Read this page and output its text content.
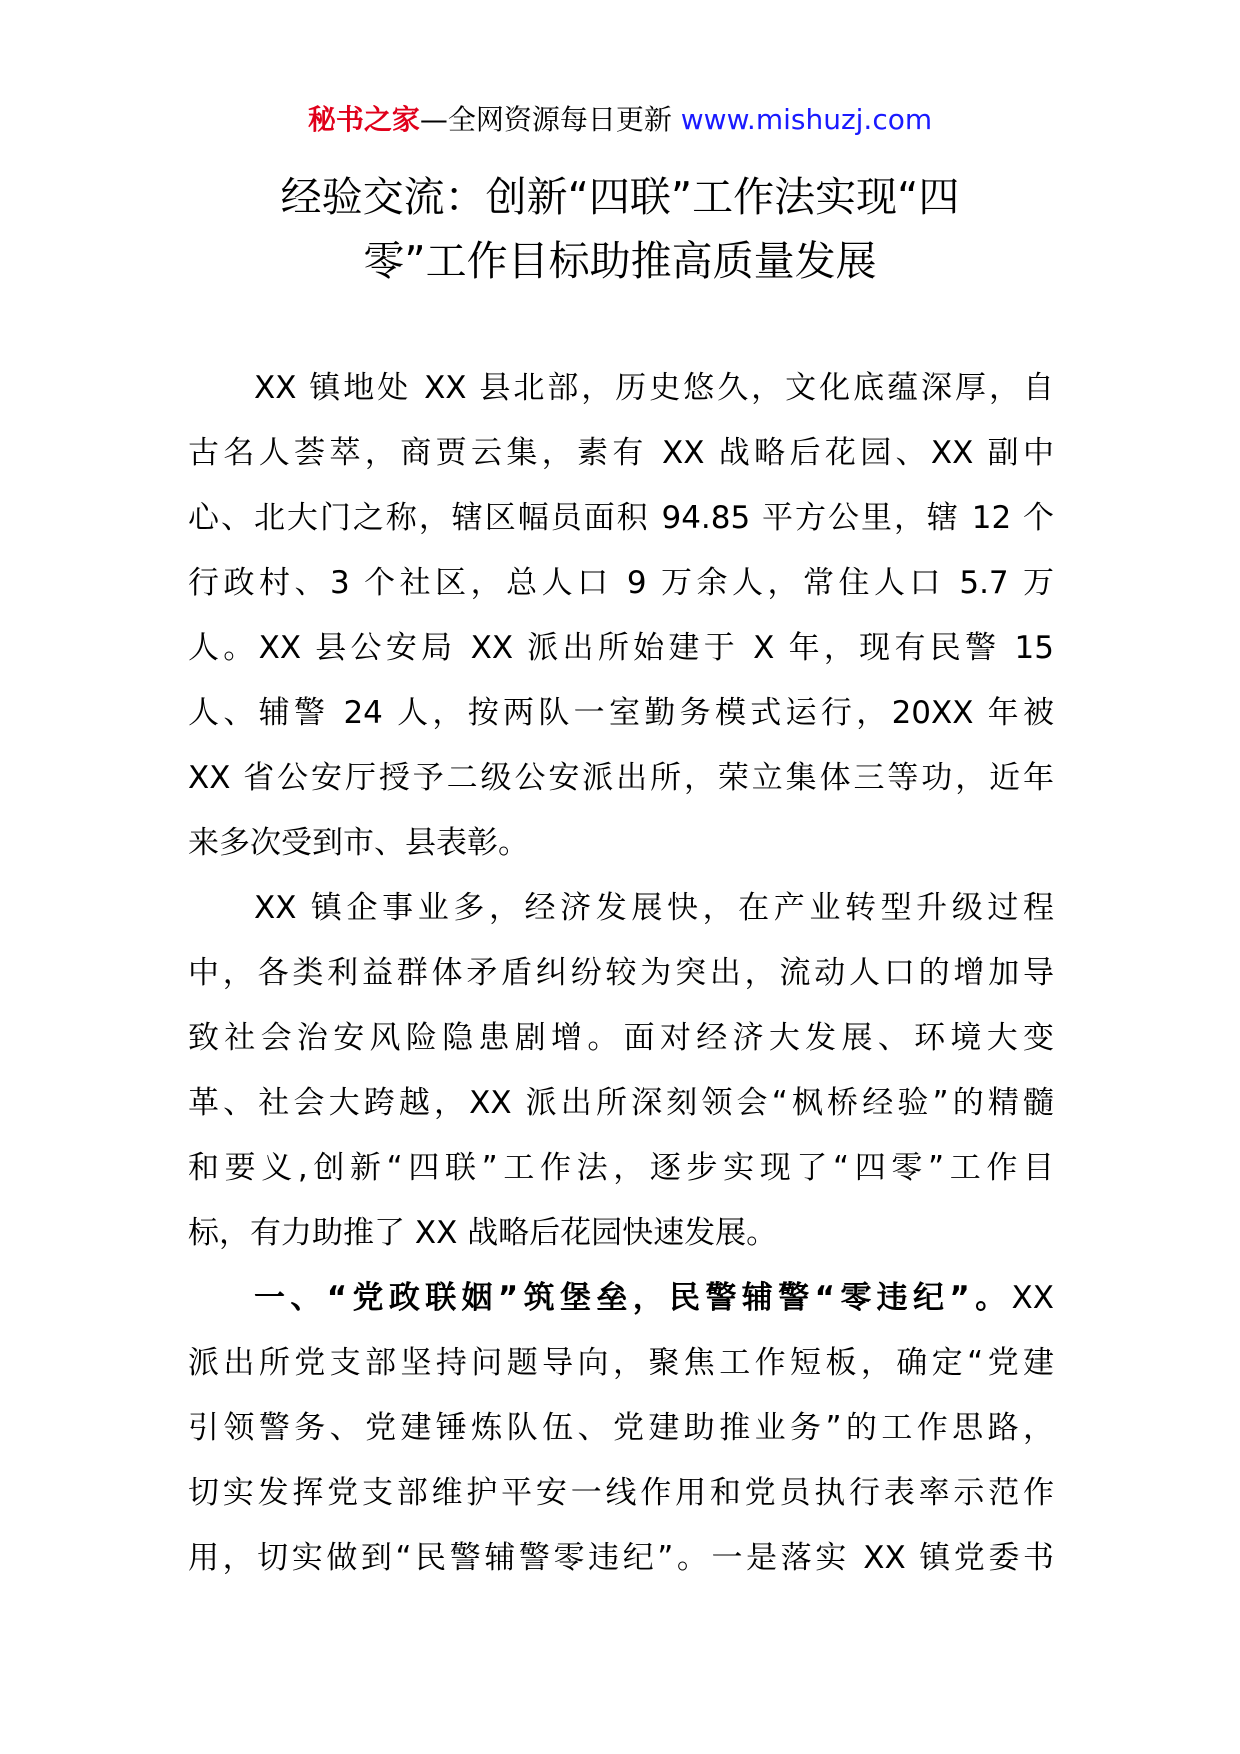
秘书之家—全网资源每日更新 www.mishuzj.com
经验交流：创新“四联”工作法实现“四
零”工作目标助推高质量发展
XX 镇地处 XX 县北部，历史悠久，文化底蕴深厚，自
古名人荟萃，商贾云集，素有 XX 战略后花园、XX 副中
心、北大门之称，辖区幅员面积 94.85 平方公里，辖 12 个
行政村、3 个社区，总人口 9 万余人，常住人口 5.7 万
人。XX 县公安局 XX 派出所始建于 X 年，现有民警 15
人、辅警 24 人，按两队一室勤务模式运行，20XX 年被
XX 省公安厅授予二级公安派出所，荣立集体三等功，近年
来多次受到市、县表彰。
XX 镇企事业多，经济发展快，在产业转型升级过程
中，各类利益群体矛盾纠纷较为突出，流动人口的增加导
致社会治安风险隐患剧增。面对经济大发展、环境大变
革、社会大跨越，XX 派出所深刻领会“枫桥经验”的精髓
和要义,创新“四联”工作法，逐步实现了“四零”工作目
标，有力助推了 XX 战略后花园快速发展。
一、“党政联姻”筑堡垒，民警辅警“零违纪”。XX
派出所党支部坚持问题导向，聚焦工作短板，确定“党建
引领警务、党建锤炼队伍、党建助推业务”的工作思路，
切实发挥党支部维护平安一线作用和党员执行表率示范作
用，切实做到“民警辅警零违纪”。一是落实 XX 镇党委书
